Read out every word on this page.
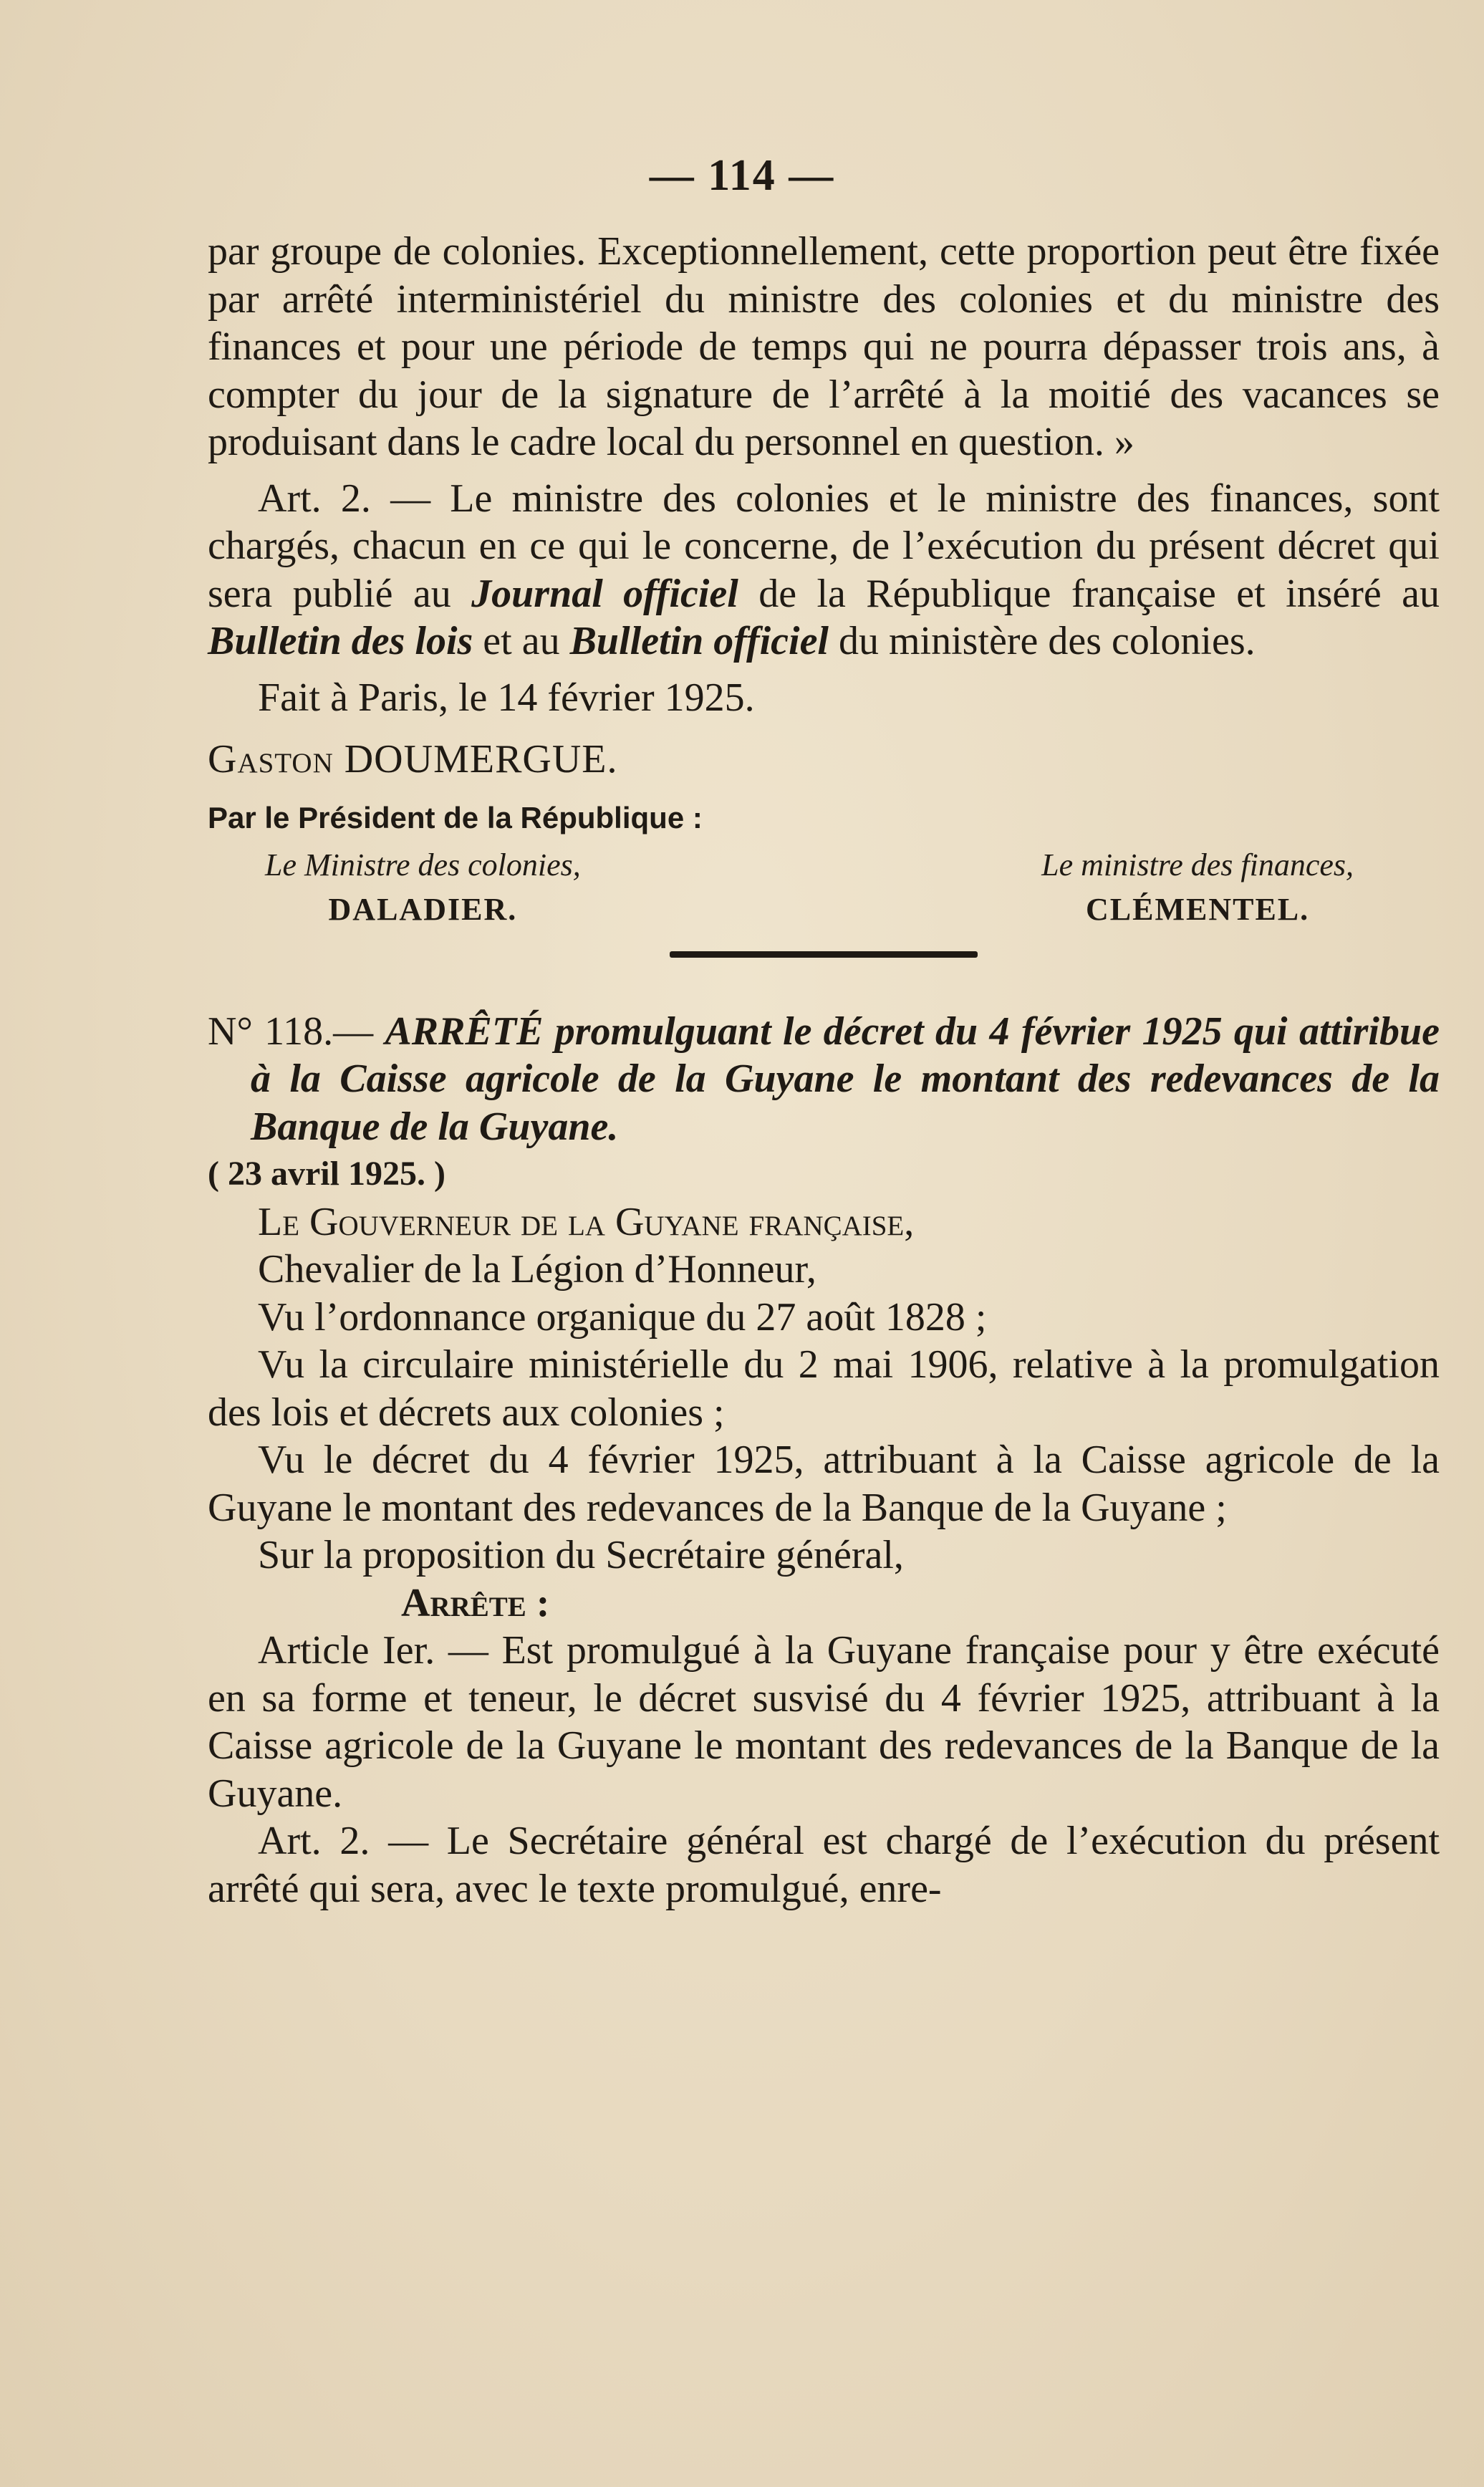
— 114 —

par groupe de colonies. Exceptionnellement, cette proportion peut être fixée par arrêté interministériel du ministre des colonies et du ministre des finances et pour une période de temps qui ne pourra dépasser trois ans, à compter du jour de la signature de l’arrêté à la moitié des vacances se produisant dans le cadre local du personnel en question. »

Art. 2. — Le ministre des colonies et le ministre des finances, sont chargés, chacun en ce qui le concerne, de l’exécution du présent décret qui sera publié au Journal officiel de la République française et inséré au Bulletin des lois et au Bulletin officiel du ministère des colonies.

Fait à Paris, le 14 février 1925.

Gaston DOUMERGUE.

Par le Président de la République :

Le Ministre des colonies,
DALADIER.
Le ministre des finances,
CLÉMENTEL.

N° 118.— ARRÊTÉ promulguant le décret du 4 février 1925 qui attiribue à la Caisse agricole de la Guyane le montant des redevances de la Banque de la Guyane.

( 23 avril 1925. )

Le Gouverneur de la Guyane française,

Chevalier de la Légion d’Honneur,

Vu l’ordonnance organique du 27 août 1828 ;

Vu la circulaire ministérielle du 2 mai 1906, relative à la promulgation des lois et décrets aux colonies ;

Vu le décret du 4 février 1925, attribuant à la Caisse agricole de la Guyane le montant des redevances de la Banque de la Guyane ;

Sur la proposition du Secrétaire général,

Arrête :

Article Ier. — Est promulgué à la Guyane française pour y être exécuté en sa forme et teneur, le décret susvisé du 4 février 1925, attribuant à la Caisse agricole de la Guyane le montant des redevances de la Banque de la Guyane.

Art. 2. — Le Secrétaire général est chargé de l’exécution du présent arrêté qui sera, avec le texte promulgué, enre-
